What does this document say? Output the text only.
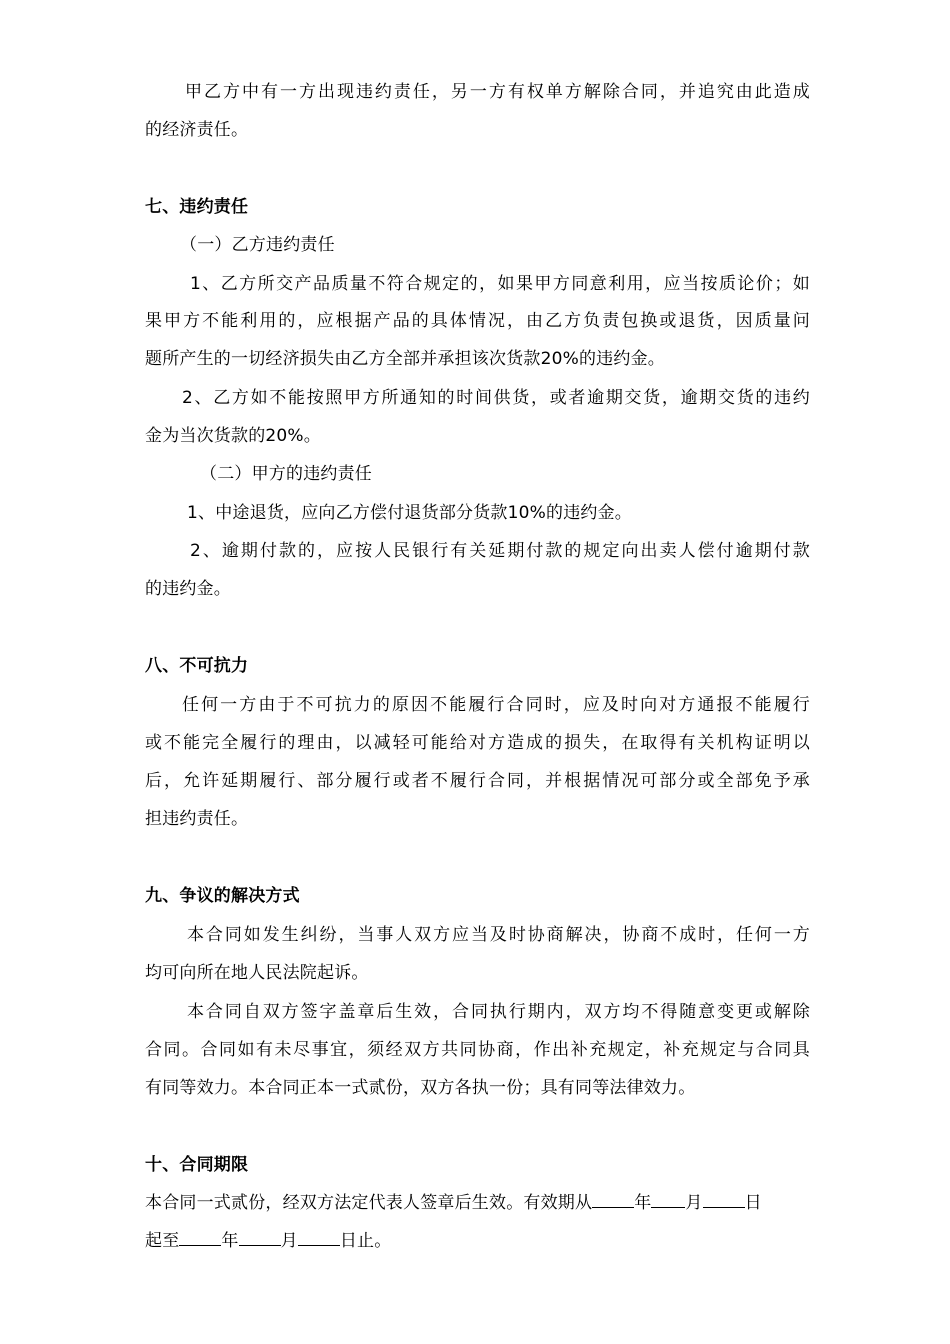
甲乙方中有一方出现违约责任，另一方有权单方解除合同，并追究由此造成
的经济责任。
七、违约责任
（一）乙方违约责任
1、乙方所交产品质量不符合规定的，如果甲方同意利用，应当按质论价；如
果甲方不能利用的，应根据产品的具体情况，由乙方负责包换或退货，因质量问
题所产生的一切经济损失由乙方全部并承担该次货款20%的违约金。
2、乙方如不能按照甲方所通知的时间供货，或者逾期交货，逾期交货的违约
金为当次货款的20%。
（二）甲方的违约责任
1、中途退货，应向乙方偿付退货部分货款10%的违约金。
2、逾期付款的，应按人民银行有关延期付款的规定向出卖人偿付逾期付款
的违约金。
八、不可抗力
任何一方由于不可抗力的原因不能履行合同时，应及时向对方通报不能履行
或不能完全履行的理由，以减轻可能给对方造成的损失，在取得有关机构证明以
后，允许延期履行、部分履行或者不履行合同，并根据情况可部分或全部免予承
担违约责任。
九、争议的解决方式
本合同如发生纠纷，当事人双方应当及时协商解决，协商不成时，任何一方
均可向所在地人民法院起诉。
本合同自双方签字盖章后生效，合同执行期内，双方均不得随意变更或解除
合同。合同如有未尽事宜，须经双方共同协商，作出补充规定，补充规定与合同具
有同等效力。本合同正本一式贰份，双方各执一份；具有同等法律效力。
十、合同期限
本合同一式贰份，经双方法定代表人签章后生效。有效期从 年 月 日
起至 年 月 日止。
